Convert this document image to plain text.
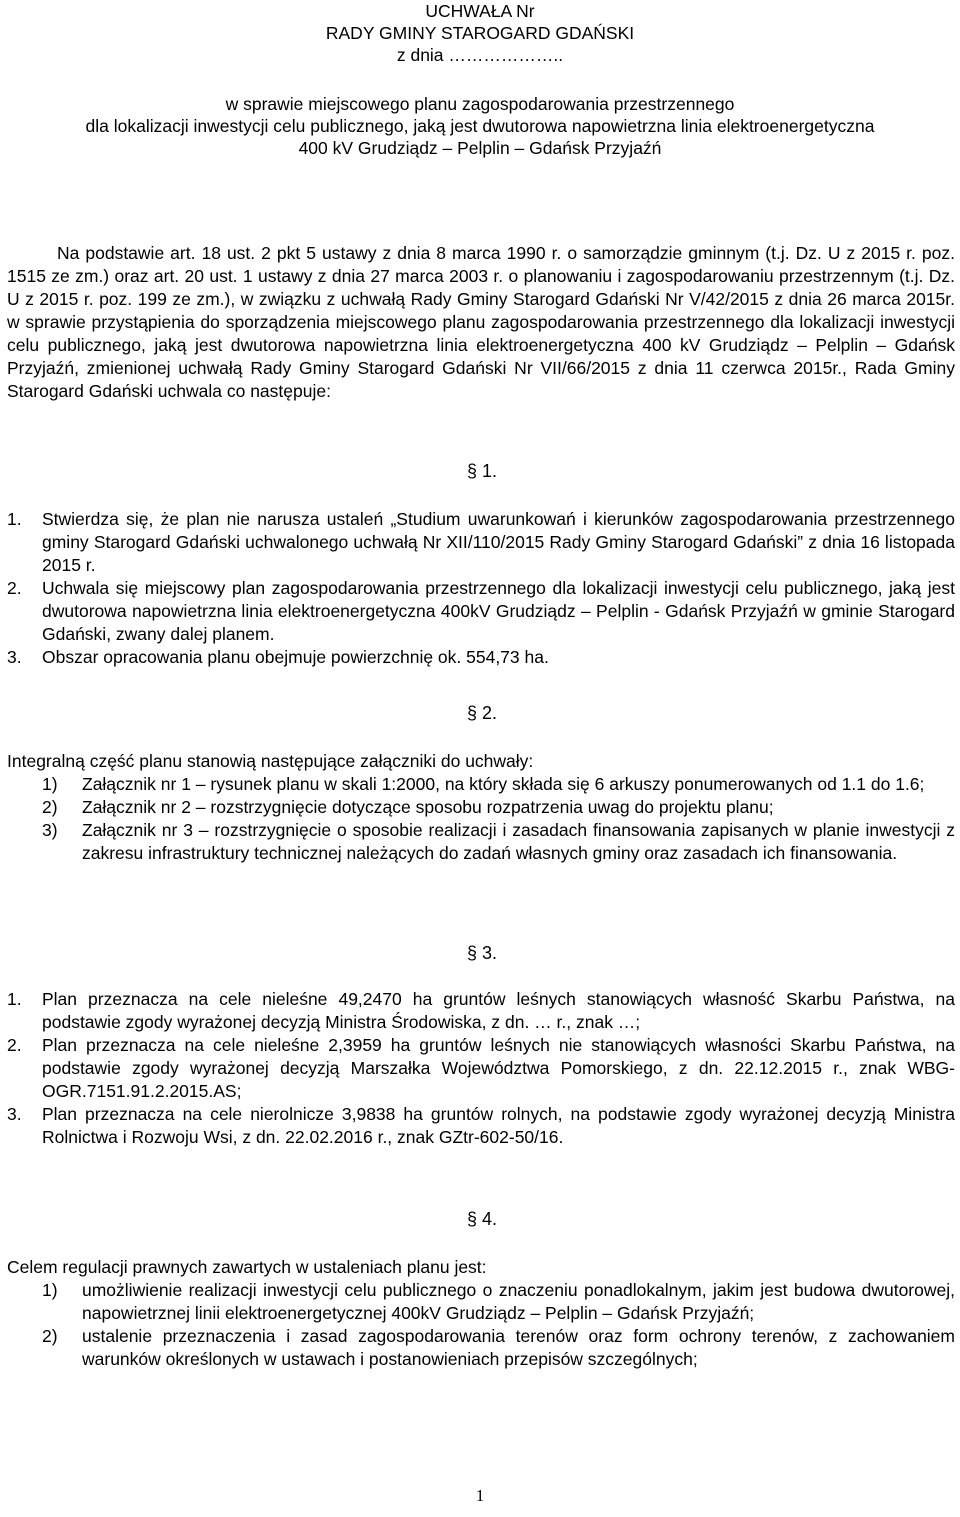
UCHWAŁA Nr
RADY GMINY STAROGARD GDAŃSKI
z dnia ………………..
w sprawie miejscowego planu zagospodarowania przestrzennego
dla lokalizacji inwestycji celu publicznego, jaką jest dwutorowa napowietrzna linia elektroenergetyczna
400 kV Grudziądz – Pelplin – Gdańsk Przyjaźń

Na podstawie art. 18 ust. 2 pkt 5 ustawy z dnia 8 marca 1990 r. o samorządzie gminnym (t.j. Dz. U z 2015 r. poz. 1515 ze zm.) oraz art. 20 ust. 1 ustawy z dnia 27 marca 2003 r. o planowaniu i zagospodarowaniu przestrzennym (t.j. Dz. U z 2015 r. poz. 199 ze zm.), w związku z uchwałą Rady Gminy Starogard Gdański Nr V/42/2015 z dnia 26 marca 2015r. w sprawie przystąpienia do sporządzenia miejscowego planu zagospodarowania przestrzennego dla lokalizacji inwestycji celu publicznego, jaką jest dwutorowa napowietrzna linia elektroenergetyczna 400 kV Grudziądz – Pelplin – Gdańsk Przyjaźń, zmienionej uchwałą Rady Gminy Starogard Gdański Nr VII/66/2015 z dnia 11 czerwca 2015r., Rada Gminy Starogard Gdański uchwala co następuje:

§ 1.
1. Stwierdza się, że plan nie narusza ustaleń „Studium uwarunkowań i kierunków zagospodarowania przestrzennego gminy Starogard Gdański uchwalonego uchwałą Nr XII/110/2015 Rady Gminy Starogard Gdański” z dnia 16 listopada 2015 r.
2. Uchwala się miejscowy plan zagospodarowania przestrzennego dla lokalizacji inwestycji celu publicznego, jaką jest dwutorowa napowietrzna linia elektroenergetyczna 400kV Grudziądz – Pelplin - Gdańsk Przyjaźń w gminie Starogard Gdański, zwany dalej planem.
3. Obszar opracowania planu obejmuje powierzchnię ok. 554,73 ha.
§ 2.

Integralną część planu stanowią następujące załączniki do uchwały:

1) Załącznik nr 1 – rysunek planu w skali 1:2000, na który składa się 6 arkuszy ponumerowanych od 1.1 do 1.6;
2) Załącznik nr 2 – rozstrzygnięcie dotyczące sposobu rozpatrzenia uwag do projektu planu;
3) Załącznik nr 3 – rozstrzygnięcie o sposobie realizacji i zasadach finansowania zapisanych w planie inwestycji z zakresu infrastruktury technicznej należących do zadań własnych gminy oraz zasadach ich finansowania.
§ 3.
1. Plan przeznacza na cele nieleśne 49,2470 ha gruntów leśnych stanowiących własność Skarbu Państwa, na podstawie zgody wyrażonej decyzją Ministra Środowiska, z dn. … r., znak …;
2. Plan przeznacza na cele nieleśne 2,3959 ha gruntów leśnych nie stanowiących własności Skarbu Państwa, na podstawie zgody wyrażonej decyzją Marszałka Województwa Pomorskiego, z dn. 22.12.2015 r., znak WBG-OGR.7151.91.2.2015.AS;
3. Plan przeznacza na cele nierolnicze 3,9838 ha gruntów rolnych, na podstawie zgody wyrażonej decyzją Ministra Rolnictwa i Rozwoju Wsi, z dn. 22.02.2016 r., znak GZtr-602-50/16.
§ 4.

Celem regulacji prawnych zawartych w ustaleniach planu jest:

1) umożliwienie realizacji inwestycji celu publicznego o znaczeniu ponadlokalnym, jakim jest budowa dwutorowej, napowietrznej linii elektroenergetycznej 400kV Grudziądz – Pelplin – Gdańsk Przyjaźń;
2) ustalenie przeznaczenia i zasad zagospodarowania terenów oraz form ochrony terenów, z zachowaniem warunków określonych w ustawach i postanowieniach przepisów szczególnych;
1
